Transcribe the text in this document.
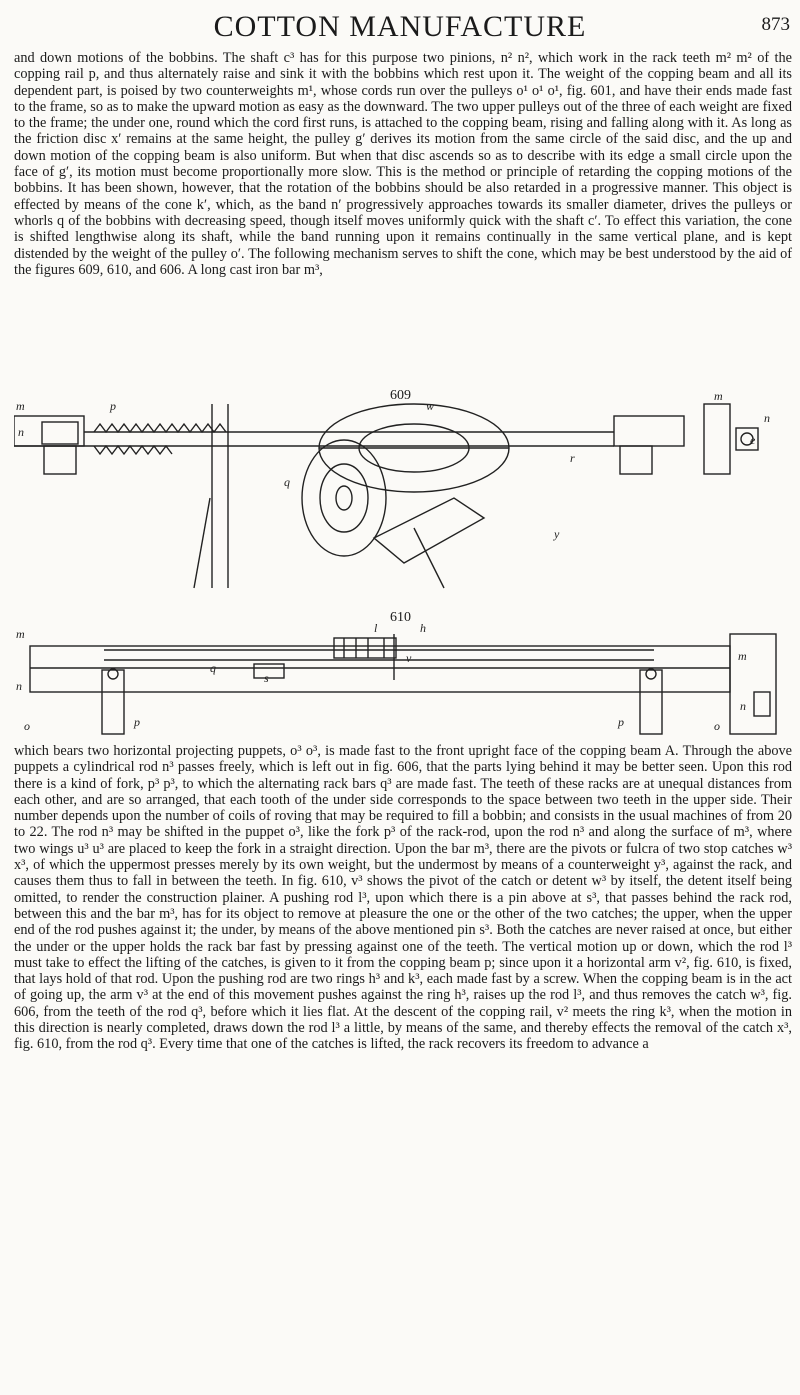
COTTON MANUFACTURE	873

and down motions of the bobbins. The shaft c³ has for this purpose two pinions, n² n², which work in the rack teeth m² m² of the copping rail p, and thus alternately raise and sink it with the bobbins which rest upon it. The weight of the copping beam and all its dependent part, is poised by two counterweights m¹, whose cords run over the pulleys o¹ o¹ o¹, fig. 601, and have their ends made fast to the frame, so as to make the upward motion as easy as the downward. The two upper pulleys out of the three of each weight are fixed to the frame; the under one, round which the cord first runs, is attached to the copping beam, rising and falling along with it. As long as the friction disc x′ remains at the same height, the pulley g′ derives its motion from the same circle of the said disc, and the up and down motion of the copping beam is also uniform. But when that disc ascends so as to describe with its edge a small circle upon the face of g′, its motion must become proportionally more slow. This is the method or principle of retarding the copping motions of the bobbins. It has been shown, however, that the rotation of the bobbins should be also retarded in a progressive manner. This object is effected by means of the cone k′, which, as the band n′ progressively approaches towards its smaller diameter, drives the pulleys or whorls q of the bobbins with decreasing speed, though itself moves uniformly quick with the shaft c′. To effect this variation, the cone is shifted lengthwise along its shaft, while the band running upon it remains continually in the same vertical plane, and is kept distended by the weight of the pulley o′. The following mechanism serves to shift the cone, which may be best understood by the aid of the figures 609, 610, and 606. A long cast iron bar m³,

609
m	p	w
m
n
n
q
r
y
e
610
m
m
n
n
o	o
p	p
q
v
s
l	h

which bears two horizontal projecting puppets, o³ o³, is made fast to the front upright face of the copping beam A. Through the above puppets a cylindrical rod n³ passes freely, which is left out in fig. 606, that the parts lying behind it may be better seen. Upon this rod there is a kind of fork, p³ p³, to which the alternating rack bars q³ are made fast. The teeth of these racks are at unequal distances from each other, and are so arranged, that each tooth of the under side corresponds to the space between two teeth in the upper side. Their number depends upon the number of coils of roving that may be required to fill a bobbin; and consists in the usual machines of from 20 to 22. The rod n³ may be shifted in the puppet o³, like the fork p³ of the rack-rod, upon the rod n³ and along the surface of m³, where two wings u³ u³ are placed to keep the fork in a straight direction. Upon the bar m³, there are the pivots or fulcra of two stop catches w³ x³, of which the uppermost presses merely by its own weight, but the undermost by means of a counterweight y³, against the rack, and causes them thus to fall in between the teeth. In fig. 610, v³ shows the pivot of the catch or detent w³ by itself, the detent itself being omitted, to render the construction plainer. A pushing rod l³, upon which there is a pin above at s³, that passes behind the rack rod, between this and the bar m³, has for its object to remove at pleasure the one or the other of the two catches; the upper, when the upper end of the rod pushes against it; the under, by means of the above mentioned pin s³. Both the catches are never raised at once, but either the under or the upper holds the rack bar fast by pressing against one of the teeth. The vertical motion up or down, which the rod l³ must take to effect the lifting of the catches, is given to it from the copping beam p; since upon it a horizontal arm v², fig. 610, is fixed, that lays hold of that rod. Upon the pushing rod are two rings h³ and k³, each made fast by a screw. When the copping beam is in the act of going up, the arm v³ at the end of this movement pushes against the ring h³, raises up the rod l³, and thus removes the catch w³, fig. 606, from the teeth of the rod q³, before which it lies flat. At the descent of the copping rail, v² meets the ring k³, when the motion in this direction is nearly completed, draws down the rod l³ a little, by means of the same, and thereby effects the removal of the catch x³, fig. 610, from the rod q³. Every time that one of the catches is lifted, the rack recovers its freedom to advance a
